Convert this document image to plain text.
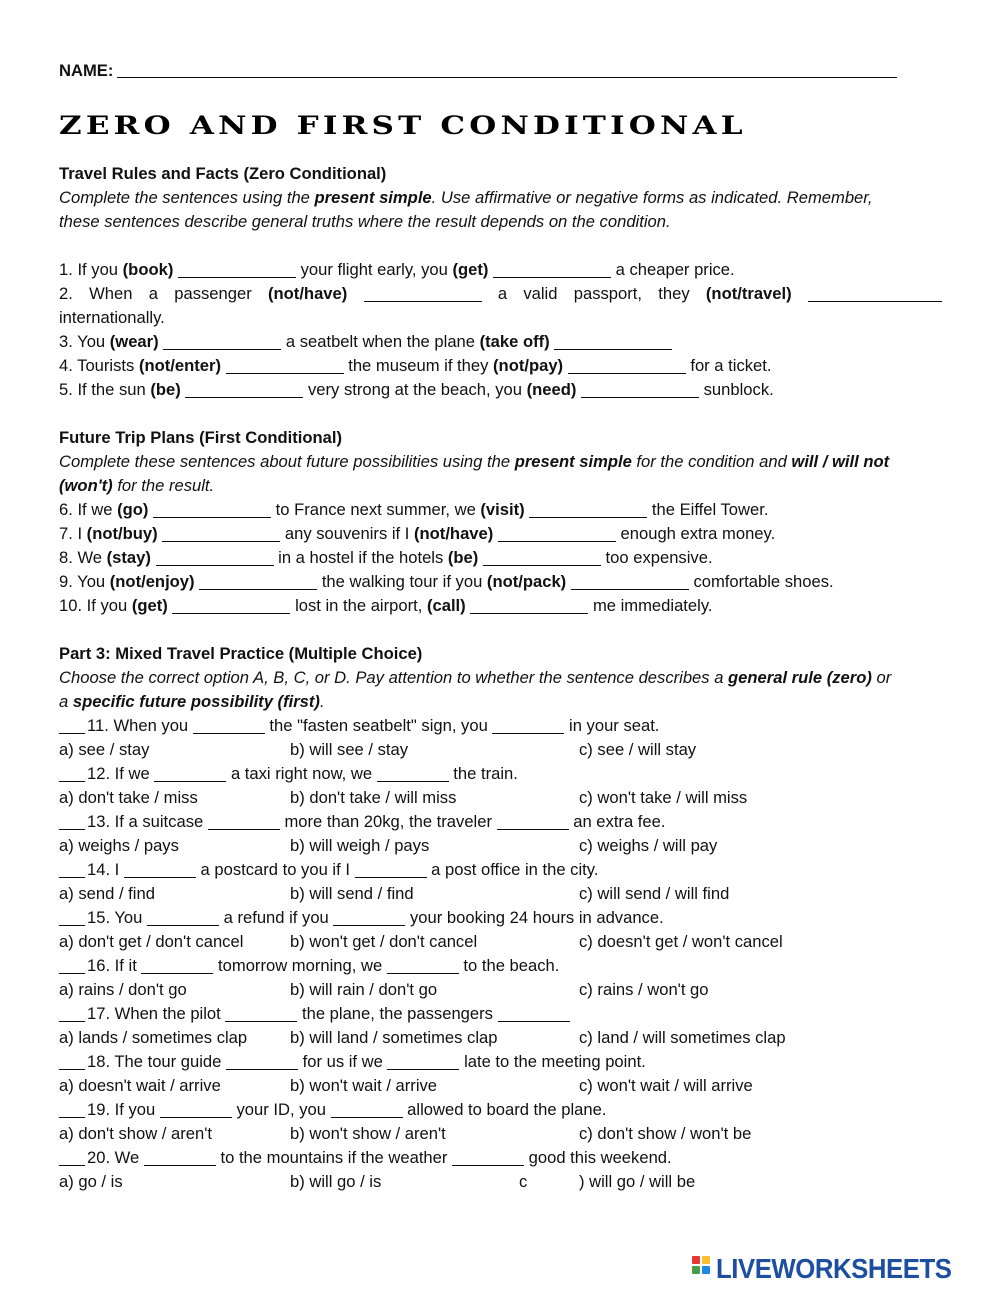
NAME:
ZERO AND FIRST CONDITIONAL
Travel Rules and Facts (Zero Conditional)
Complete the sentences using the present simple. Use affirmative or negative forms as indicated. Remember,
these sentences describe general truths where the result depends on the condition.
1. If you (book)	your flight early, you (get)	a cheaper price.
2. When a passenger (not/have)	a valid passport, they (not/travel)
internationally.
3. You (wear)	a seatbelt when the plane (take off)
4. Tourists (not/enter)	the museum if they (not/pay)	for a ticket.
5. If the sun (be)	very strong at the beach, you (need)	sunblock.
Future Trip Plans (First Conditional)
Complete these sentences about future possibilities using the present simple for the condition and will / will not
(won't) for the result.
6. If we (go)	to France next summer, we (visit)	the Eiffel Tower.
7. I (not/buy)	any souvenirs if I (not/have)	enough extra money.
8. We (stay)	in a hostel if the hotels (be)	too expensive.
9. You (not/enjoy)	the walking tour if you (not/pack)	comfortable shoes.
10. If you (get)	lost in the airport, (call)	me immediately.
Part 3: Mixed Travel Practice (Multiple Choice)
Choose the correct option A, B, C, or D. Pay attention to whether the sentence describes a general rule (zero) or
a specific future possibility (first).
11. When you	the "fasten seatbelt" sign, you	in your seat.
a) see / stay	b) will see / stay	c) see / will stay
12. If we	a taxi right now, we	the train.
a) don't take / miss	b) don't take / will miss	c) won't take / will miss
13. If a suitcase	more than 20kg, the traveler	an extra fee.
a) weighs / pays	b) will weigh / pays	c) weighs / will pay
14. I	a postcard to you if I	a post office in the city.
a) send / find	b) will send / find	c) will send / will find
15. You	a refund if you	your booking 24 hours in advance.
a) don't get / don't cancel	b) won't get / don't cancel	c) doesn't get / won't cancel
16. If it	tomorrow morning, we	to the beach.
a) rains / don't go	b) will rain / don't go	c) rains / won't go
17. When the pilot	the plane, the passengers
a) lands / sometimes clap	b) will land / sometimes clap	c) land / will sometimes clap
18. The tour guide	for us if we	late to the meeting point.
a) doesn't wait / arrive	b) won't wait / arrive	c) won't wait / will arrive
19. If you	your ID, you	allowed to board the plane.
a) don't show / aren't	b) won't show / aren't	c) don't show / won't be
20. We	to the mountains if the weather	good this weekend.
a) go / is	b) will go / is	c	) will go / will be
LIVEWORKSHEETS
